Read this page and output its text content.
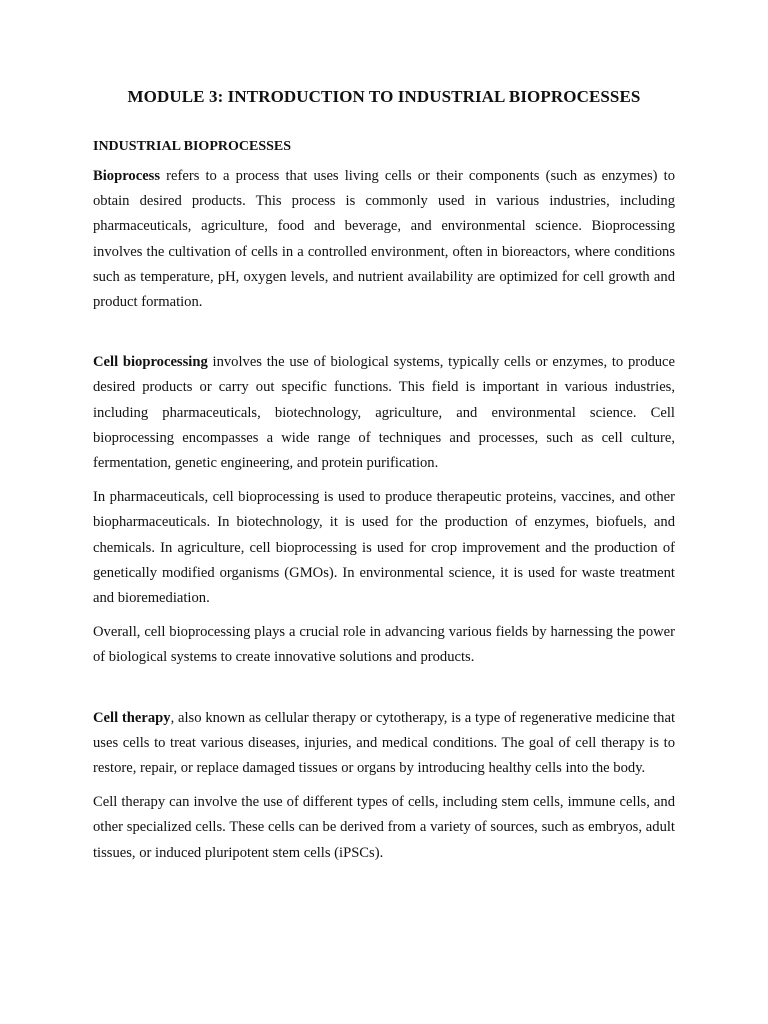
MODULE 3: INTRODUCTION TO INDUSTRIAL BIOPROCESSES
INDUSTRIAL BIOPROCESSES

Bioprocess refers to a process that uses living cells or their components (such as enzymes) to obtain desired products. This process is commonly used in various industries, including pharmaceuticals, agriculture, food and beverage, and environmental science. Bioprocessing involves the cultivation of cells in a controlled environment, often in bioreactors, where conditions such as temperature, pH, oxygen levels, and nutrient availability are optimized for cell growth and product formation.

Cell bioprocessing involves the use of biological systems, typically cells or enzymes, to produce desired products or carry out specific functions. This field is important in various industries, including pharmaceuticals, biotechnology, agriculture, and environmental science. Cell bioprocessing encompasses a wide range of techniques and processes, such as cell culture, fermentation, genetic engineering, and protein purification.

In pharmaceuticals, cell bioprocessing is used to produce therapeutic proteins, vaccines, and other biopharmaceuticals. In biotechnology, it is used for the production of enzymes, biofuels, and chemicals. In agriculture, cell bioprocessing is used for crop improvement and the production of genetically modified organisms (GMOs). In environmental science, it is used for waste treatment and bioremediation.

Overall, cell bioprocessing plays a crucial role in advancing various fields by harnessing the power of biological systems to create innovative solutions and products.

Cell therapy, also known as cellular therapy or cytotherapy, is a type of regenerative medicine that uses cells to treat various diseases, injuries, and medical conditions. The goal of cell therapy is to restore, repair, or replace damaged tissues or organs by introducing healthy cells into the body.

Cell therapy can involve the use of different types of cells, including stem cells, immune cells, and other specialized cells. These cells can be derived from a variety of sources, such as embryos, adult tissues, or induced pluripotent stem cells (iPSCs).
